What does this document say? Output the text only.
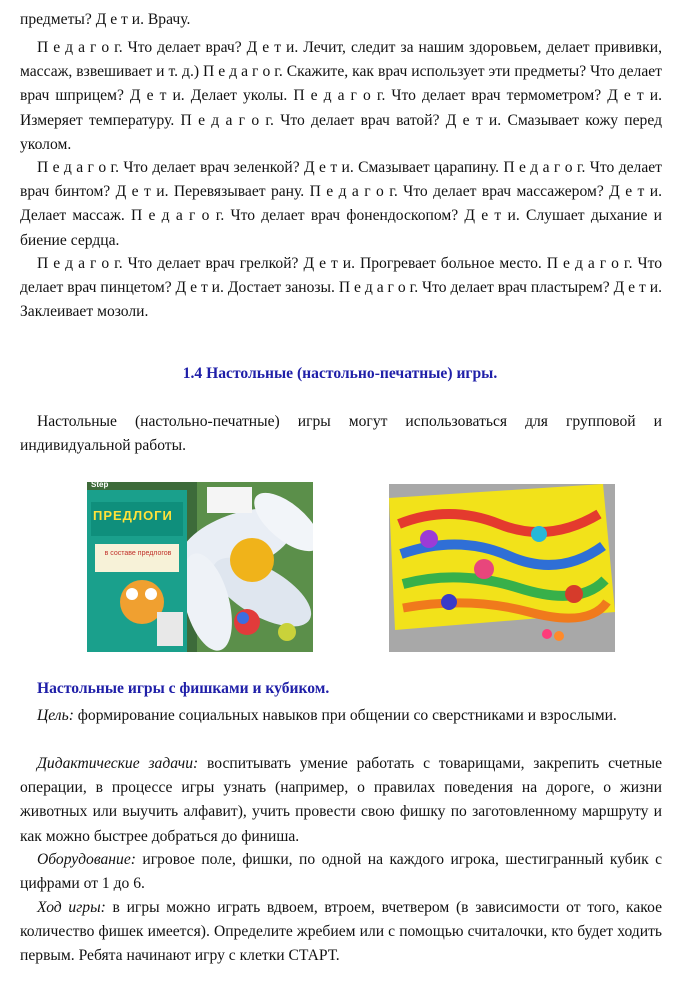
предметы? Д е т и. Врачу.

П е д а г о г. Что делает врач? Д е т и. Лечит, следит за нашим здоровьем, делает прививки, массаж, взвешивает и т. д.) П е д а г о г. Скажите, как врач использует эти предметы? Что делает врач шприцем? Д е т и. Делает уколы. П е д а г о г. Что делает врач термометром? Д е т и. Измеряет температуру. П е д а г о г. Что делает врач ватой? Д е т и. Смазывает кожу перед уколом.

П е д а г о г. Что делает врач зеленкой? Д е т и. Смазывает царапину. П е д а г о г. Что делает врач бинтом? Д е т и. Перевязывает рану. П е д а г о г. Что делает врач массажером? Д е т и. Делает массаж. П е д а г о г. Что делает врач фонендоскопом? Д е т и. Слушает дыхание и биение сердца.

П е д а г о г. Что делает врач грелкой? Д е т и. Прогревает больное место. П е д а г о г. Что делает врач пинцетом? Д е т и. Достает занозы. П е д а г о г. Что делает врач пластырем? Д е т и. Заклеивает мозоли.

1.4 Настольные (настольно-печатные) игры.

Настольные (настольно-печатные) игры могут использоваться для групповой и индивидуальной работы.

Step
ПРЕДЛОГИ
в составе предлогов

Настольные игры с фишками и кубиком.

Цель: формирование социальных навыков при общении со сверстниками и взрослыми.

Дидактические задачи: воспитывать умение работать с товарищами, закрепить счетные операции, в процессе игры узнать (например, о правилах поведения на дороге, о жизни животных или выучить алфавит), учить провести свою фишку по заготовленному маршруту и как можно быстрее добраться до финиша.

Оборудование: игровое поле, фишки, по одной на каждого игрока, шестигранный кубик с цифрами от 1 до 6.

Ход игры: в игры можно играть вдвоем, втроем, вчетвером (в зависимости от того, какое количество фишек имеется). Определите жребием или с помощью считалочки, кто будет ходить первым. Ребята начинают игру с клетки СТАРТ.
